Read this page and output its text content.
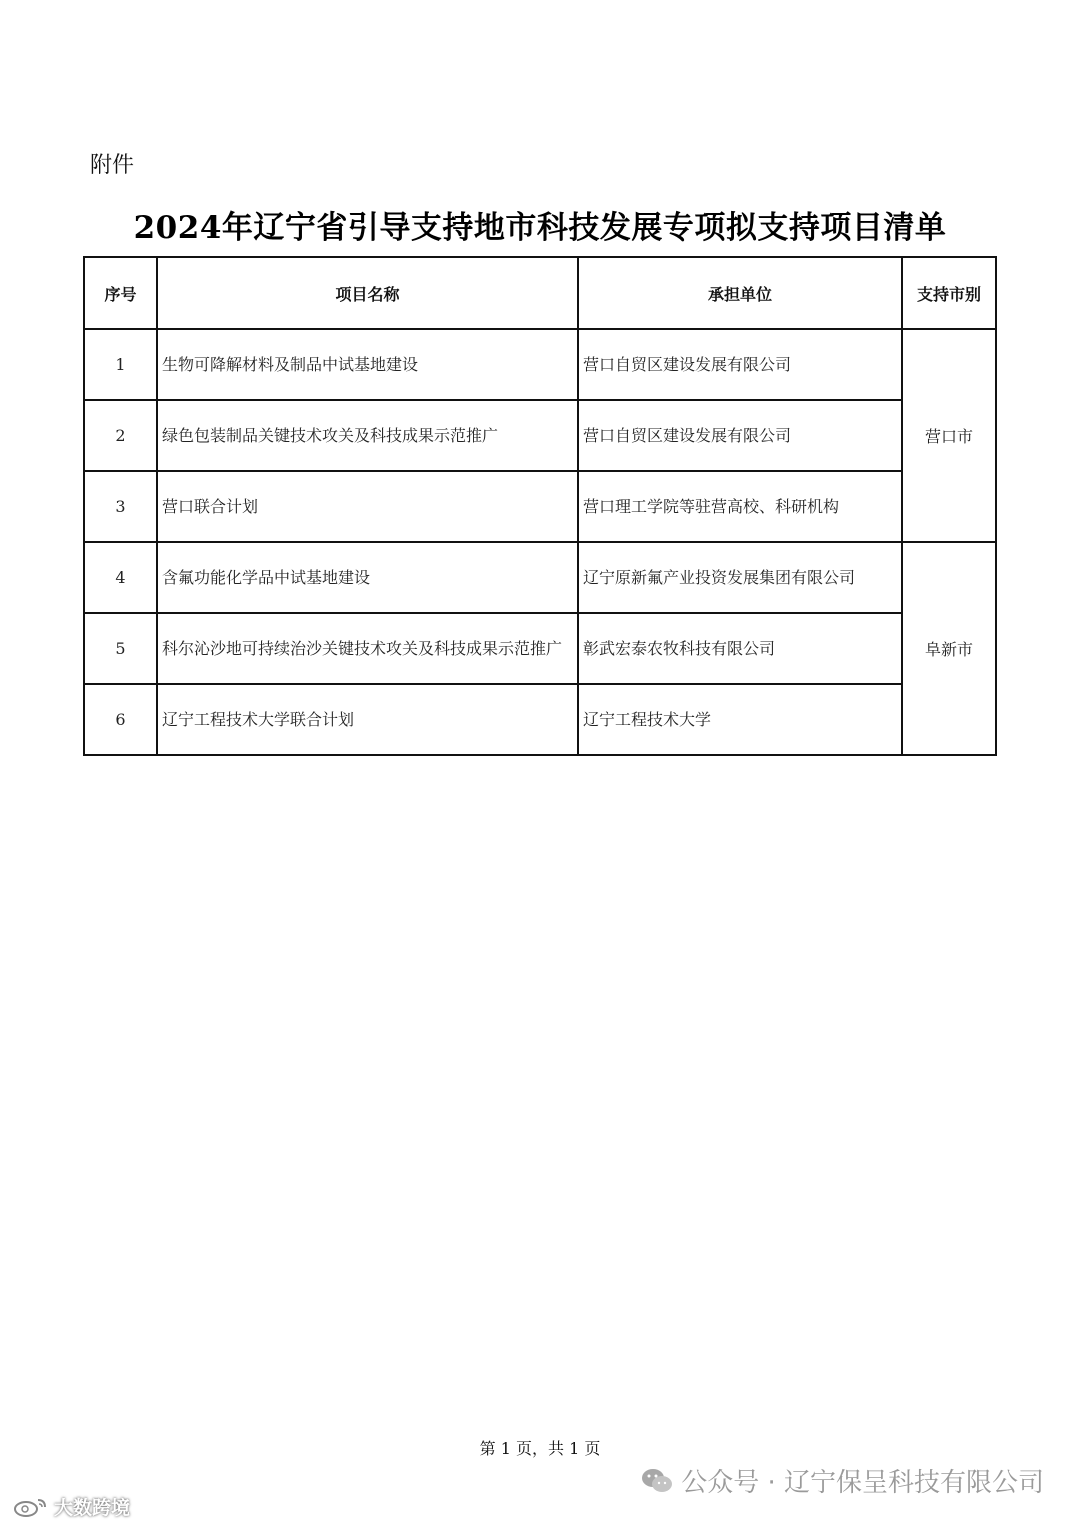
附件
2024年辽宁省引导支持地市科技发展专项拟支持项目清单
序号	项目名称	承担单位	支持市别
1	生物可降解材料及制品中试基地建设	营口自贸区建设发展有限公司	营口市
2	绿色包装制品关键技术攻关及科技成果示范推广	营口自贸区建设发展有限公司	
3	营口联合计划	营口理工学院等驻营高校、科研机构	
4	含氟功能化学品中试基地建设	辽宁原新氟产业投资发展集团有限公司	阜新市
5	科尔沁沙地可持续治沙关键技术攻关及科技成果示范推广	彰武宏泰农牧科技有限公司	
6	辽宁工程技术大学联合计划	辽宁工程技术大学	
第 1 页，共 1 页
大数跨境
公众号 · 辽宁保呈科技有限公司
